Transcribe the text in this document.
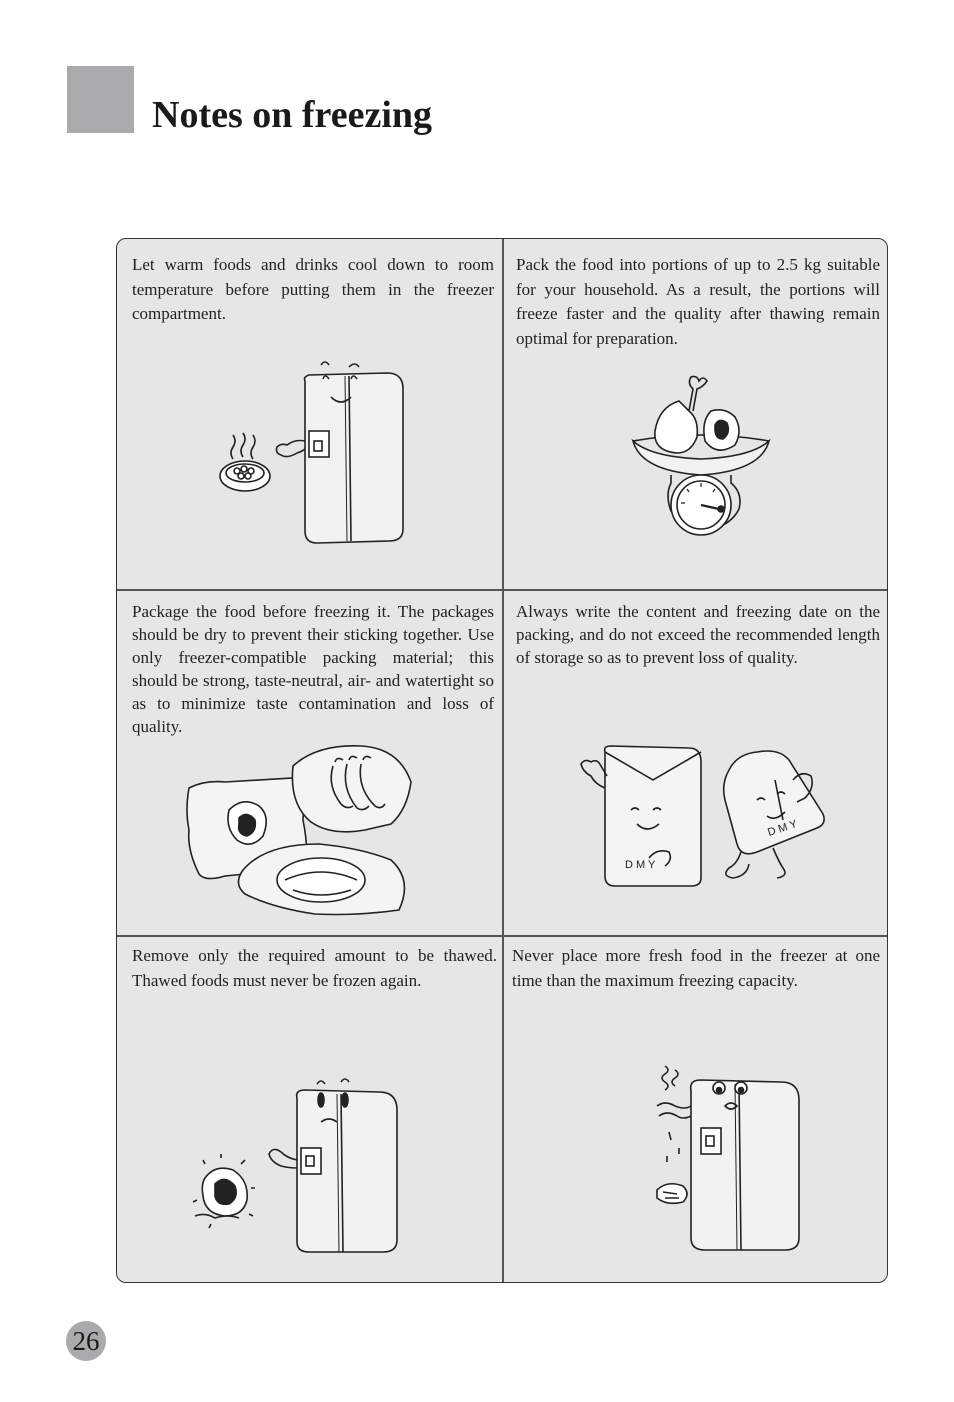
Notes on freezing

Let warm foods and drinks cool down to room temperature before putting them in the freezer compartment.

Pack the food into portions of up to 2.5 kg suitable for your household. As a result, the portions will freeze faster and the quality after thawing remain optimal for preparation.

Package the food before freezing it. The packages should be dry to prevent their sticking together. Use only freezer-compatible packing material; this should be strong, taste-neutral, air- and watertight so as to minimize taste contamination and loss of quality.

Always write the content and freezing date on the packing, and do not exceed the recommended length of storage so as to prevent loss of quality.

D M Y
D M Y

Remove only the required amount to be thawed. Thawed foods must never be frozen again.

Never place more fresh food in the freezer at one time than the maximum freezing capacity.

26
